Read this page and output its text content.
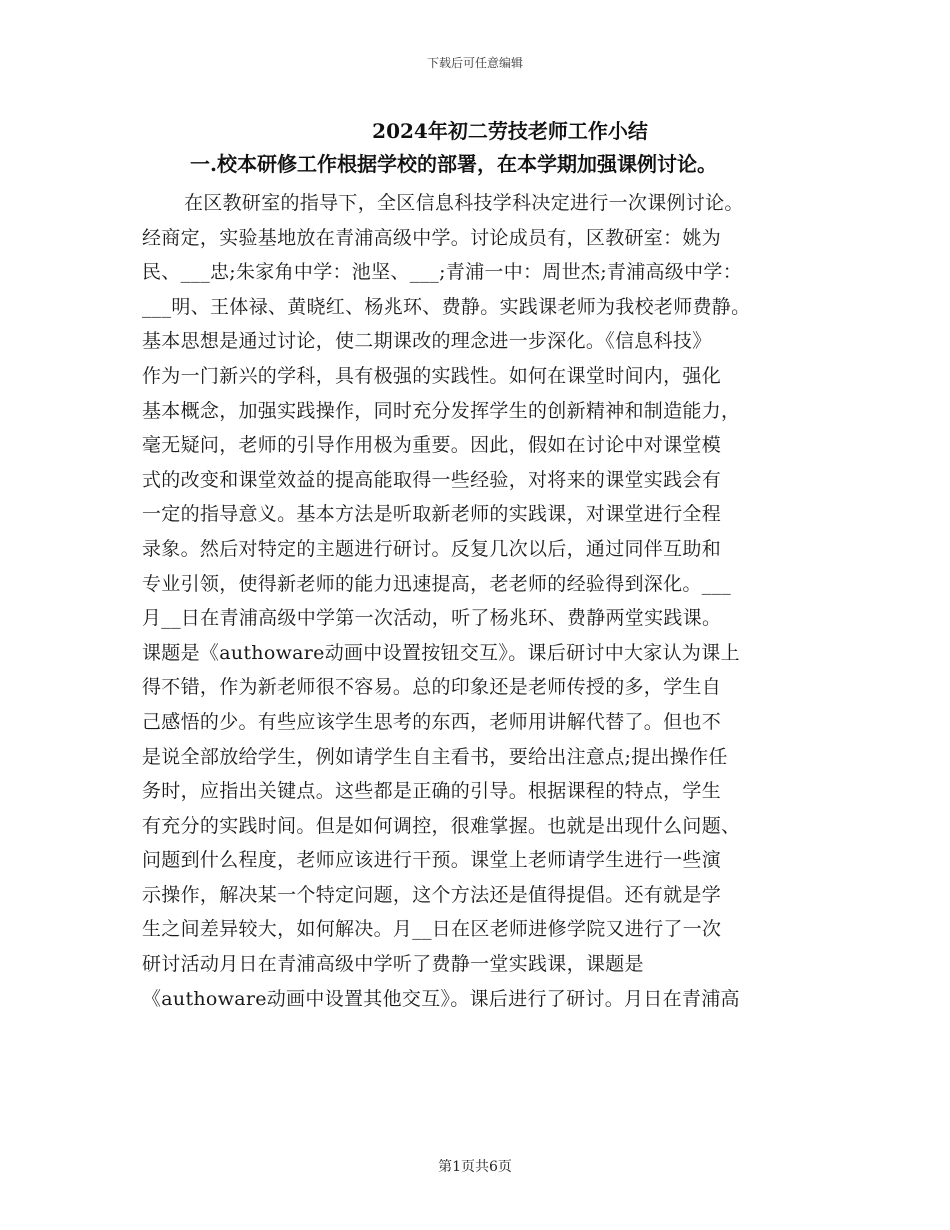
下载后可任意编辑
2024年初二劳技老师工作小结
一.校本研修工作根据学校的部署，在本学期加强课例讨论。
在区教研室的指导下，全区信息科技学科决定进行一次课例讨论。
经商定，实验基地放在青浦高级中学。讨论成员有，区教研室：姚为
民、___忠;朱家角中学：池坚、___;青浦一中：周世杰;青浦高级中学：
___明、王体禄、黄晓红、杨兆环、费静。实践课老师为我校老师费静。
基本思想是通过讨论，使二期课改的理念进一步深化。《信息科技》
作为一门新兴的学科，具有极强的实践性。如何在课堂时间内，强化
基本概念，加强实践操作，同时充分发挥学生的创新精神和制造能力，
毫无疑问，老师的引导作用极为重要。因此，假如在讨论中对课堂模
式的改变和课堂效益的提高能取得一些经验，对将来的课堂实践会有
一定的指导意义。基本方法是听取新老师的实践课，对课堂进行全程
录象。然后对特定的主题进行研讨。反复几次以后，通过同伴互助和
专业引领，使得新老师的能力迅速提高，老老师的经验得到深化。___
月__日在青浦高级中学第一次活动，听了杨兆环、费静两堂实践课。
课题是《authoware动画中设置按钮交互》。课后研讨中大家认为课上
得不错，作为新老师很不容易。总的印象还是老师传授的多，学生自
己感悟的少。有些应该学生思考的东西，老师用讲解代替了。但也不
是说全部放给学生，例如请学生自主看书，要给出注意点;提出操作任
务时，应指出关键点。这些都是正确的引导。根据课程的特点，学生
有充分的实践时间。但是如何调控，很难掌握。也就是出现什么问题、
问题到什么程度，老师应该进行干预。课堂上老师请学生进行一些演
示操作，解决某一个特定问题，这个方法还是值得提倡。还有就是学
生之间差异较大，如何解决。月__日在区老师进修学院又进行了一次
研讨活动月日在青浦高级中学听了费静一堂实践课，课题是
《authoware动画中设置其他交互》。课后进行了研讨。月日在青浦高
第1页共6页
